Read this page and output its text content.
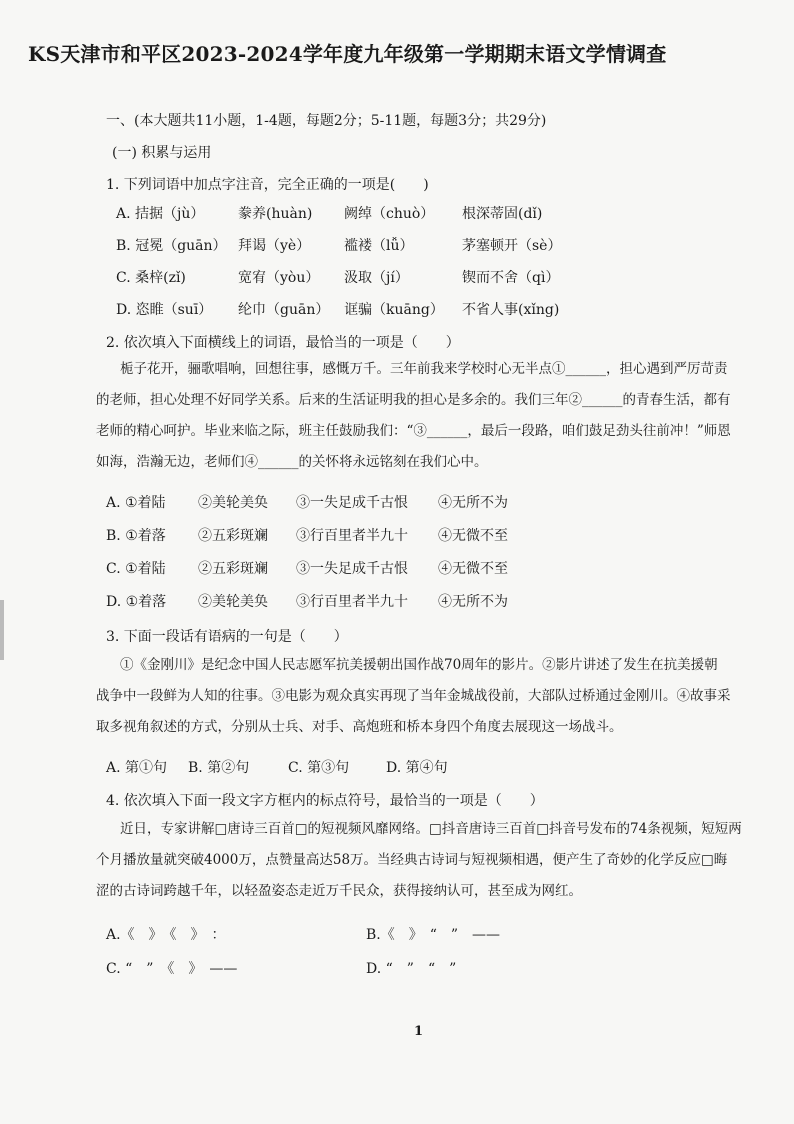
KS天津市和平区2023-2024学年度九年级第一学期期末语文学情调查
一、(本大题共11小题，1-4题，每题2分；5-11题，每题3分；共29分)
(一) 积累与运用
1. 下列词语中加点字注音，完全正确的一项是(　　)
A. 拮据（jù） 豢养(huàn) 阙绰（chuò） 根深蒂固(dǐ)
B. 冠冕（guān） 拜谒（yè） 褴褛（lǚ）	茅塞顿开（sè）
C. 桑梓(zǐ)	宽宥（yòu） 汲取（jí）	锲而不舍（qì）
D. 恣睢（suī） 纶巾（guān） 诓骗（kuāng） 不省人事(xǐng)
2. 依次填入下面横线上的词语，最恰当的一项是（　　）
栀子花开，骊歌唱响，回想往事，感慨万千。三年前我来学校时心无半点①______，担心遇到严厉苛责
的老师，担心处理不好同学关系。后来的生活证明我的担心是多余的。我们三年②______的青春生活，都有
老师的精心呵护。毕业来临之际，班主任鼓励我们：“③______，最后一段路，咱们鼓足劲头往前冲！”师恩
如海，浩瀚无边，老师们④______的关怀将永远铭刻在我们心中。
A. ①着陆 ②美轮美奂 ③一失足成千古恨 ④无所不为
B. ①着落 ②五彩斑斓 ③行百里者半九十 ④无微不至
C. ①着陆 ②五彩斑斓 ③一失足成千古恨 ④无微不至
D. ①着落 ②美轮美奂 ③行百里者半九十 ④无所不为
3. 下面一段话有语病的一句是（　　）
①《金刚川》是纪念中国人民志愿军抗美援朝出国作战70周年的影片。②影片讲述了发生在抗美援朝
战争中一段鲜为人知的往事。③电影为观众真实再现了当年金城战役前，大部队过桥通过金刚川。④故事采
取多视角叙述的方式，分别从士兵、对手、高炮班和桥本身四个角度去展现这一场战斗。
A. 第①句 B. 第②句	C. 第③句	D. 第④句
4. 依次填入下面一段文字方框内的标点符号，最恰当的一项是（　　）
近日，专家讲解□唐诗三百首□的短视频风靡网络。□抖音唐诗三百首□抖音号发布的74条视频，短短两
个月播放量就突破4000万，点赞量高达58万。当经典古诗词与短视频相遇，便产生了奇妙的化学反应□晦
涩的古诗词跨越千年，以轻盈姿态走近万千民众，获得接纳认可，甚至成为网红。
A.《　》　《　》　：	B.《　》　“　”　——
C. “　”　《　》　——	D. “　”　“　”
1
